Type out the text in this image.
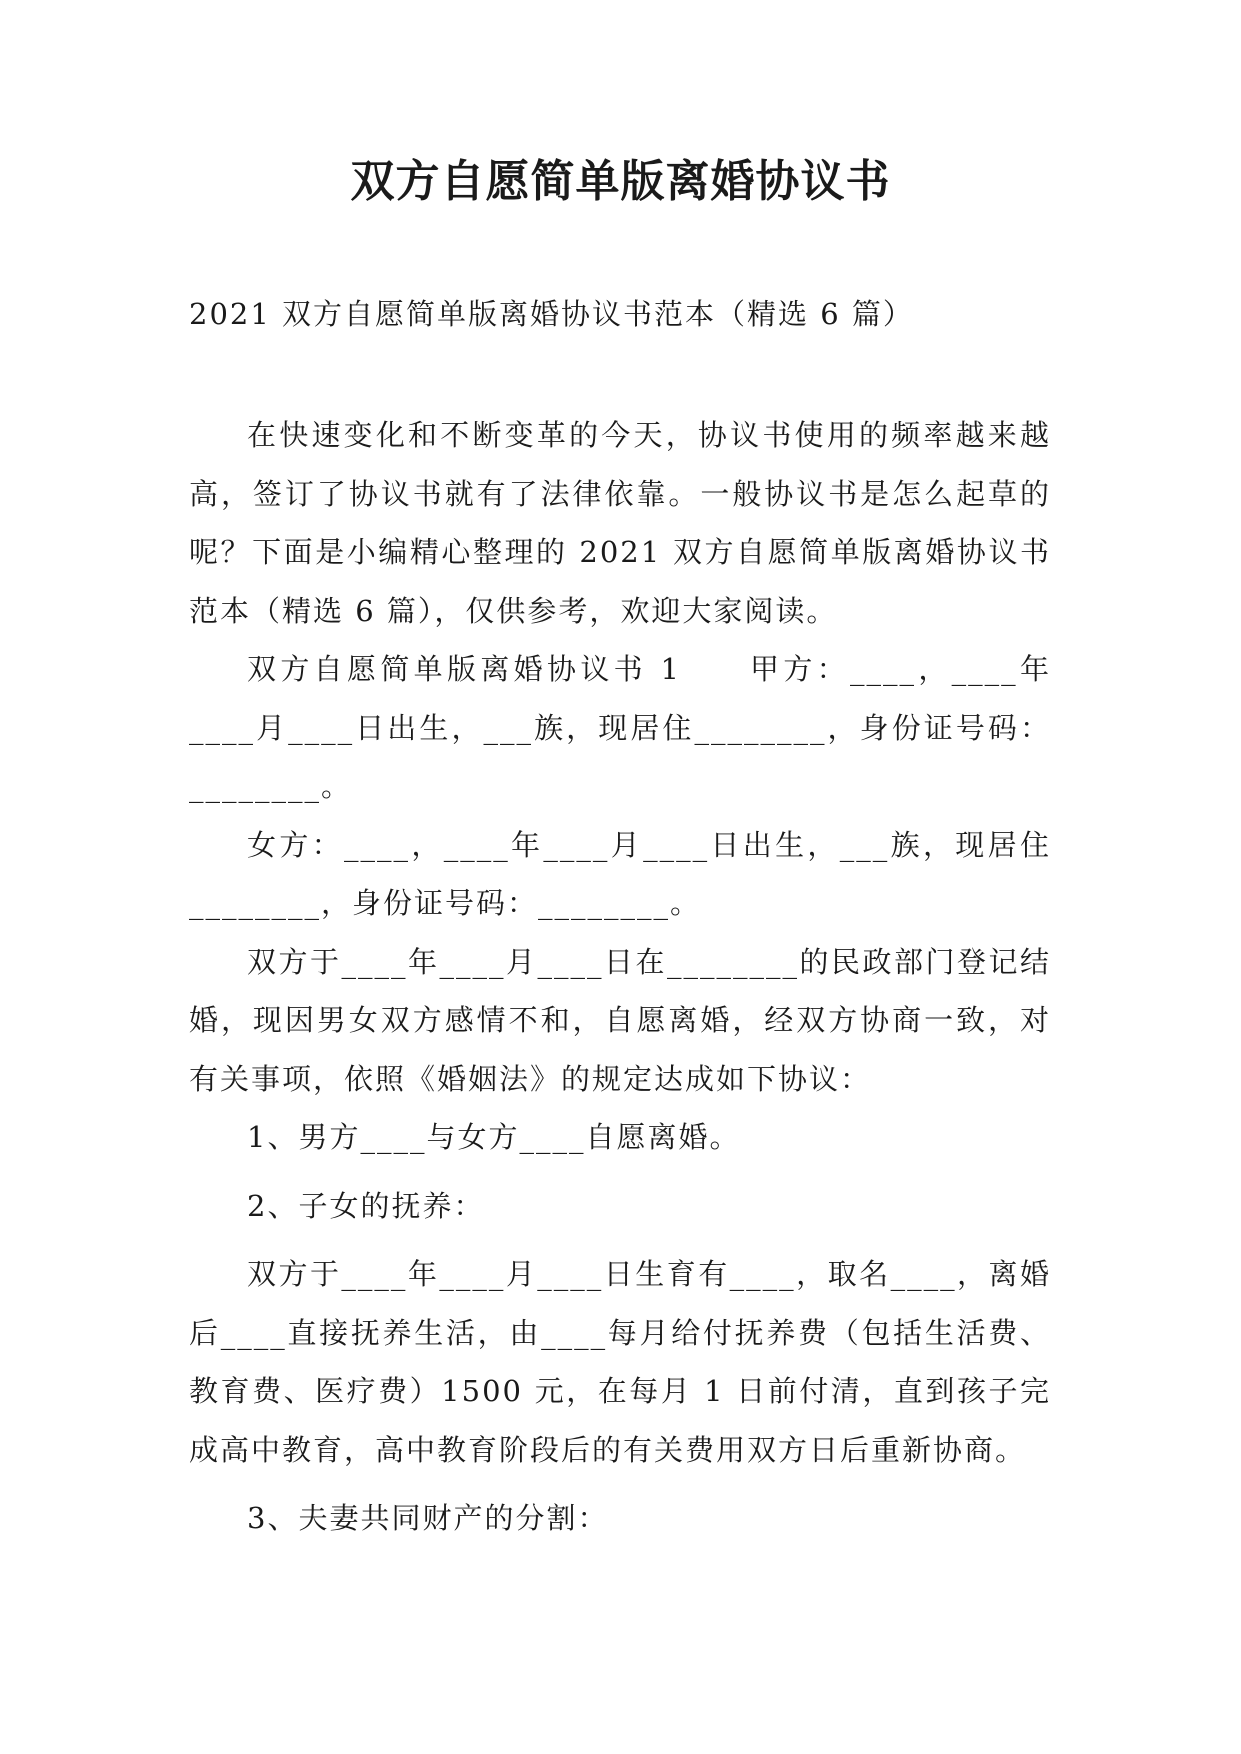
双方自愿简单版离婚协议书
2021 双方自愿简单版离婚协议书范本（精选 6 篇）

在快速变化和不断变革的今天，协议书使用的频率越来越高，签订了协议书就有了法律依靠。一般协议书是怎么起草的呢？下面是小编精心整理的 2021 双方自愿简单版离婚协议书范本（精选 6 篇），仅供参考，欢迎大家阅读。

双方自愿简单版离婚协议书 1　　甲方：____，____年____月____日出生，___族，现居住________，身份证号码：________。

女方：____，____年____月____日出生，___族，现居住________，身份证号码：________。

双方于____年____月____日在________的民政部门登记结婚，现因男女双方感情不和，自愿离婚，经双方协商一致，对有关事项，依照《婚姻法》的规定达成如下协议：

1、男方____与女方____自愿离婚。

2、子女的抚养：

双方于____年____月____日生育有____，取名____，离婚后____直接抚养生活，由____每月给付抚养费（包括生活费、教育费、医疗费）1500 元，在每月 1 日前付清，直到孩子完成高中教育，高中教育阶段后的有关费用双方日后重新协商。

3、夫妻共同财产的分割：
